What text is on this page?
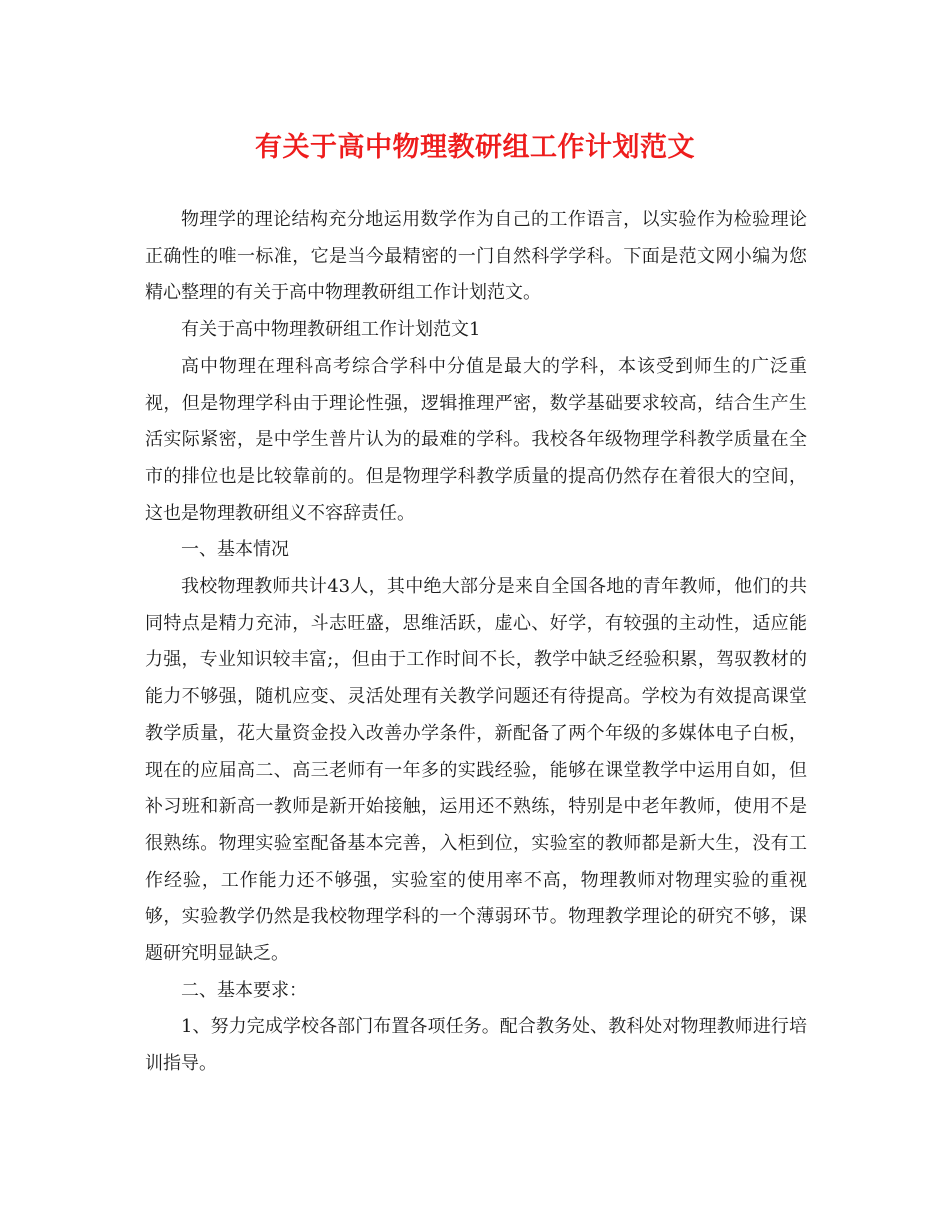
有关于高中物理教研组工作计划范文

物理学的理论结构充分地运用数学作为自己的工作语言，以实验作为检验理论正确性的唯一标准，它是当今最精密的一门自然科学学科。下面是范文网小编为您精心整理的有关于高中物理教研组工作计划范文。

有关于高中物理教研组工作计划范文1

高中物理在理科高考综合学科中分值是最大的学科，本该受到师生的广泛重视，但是物理学科由于理论性强，逻辑推理严密，数学基础要求较高，结合生产生活实际紧密，是中学生普片认为的最难的学科。我校各年级物理学科教学质量在全市的排位也是比较靠前的。但是物理学科教学质量的提高仍然存在着很大的空间，这也是物理教研组义不容辞责任。

一、基本情况

我校物理教师共计43人，其中绝大部分是来自全国各地的青年教师，他们的共同特点是精力充沛，斗志旺盛，思维活跃，虚心、好学，有较强的主动性，适应能力强，专业知识较丰富;，但由于工作时间不长，教学中缺乏经验积累，驾驭教材的能力不够强，随机应变、灵活处理有关教学问题还有待提高。学校为有效提高课堂教学质量，花大量资金投入改善办学条件，新配备了两个年级的多媒体电子白板，现在的应届高二、高三老师有一年多的实践经验，能够在课堂教学中运用自如，但补习班和新高一教师是新开始接触，运用还不熟练，特别是中老年教师，使用不是很熟练。物理实验室配备基本完善，入柜到位，实验室的教师都是新大生，没有工作经验，工作能力还不够强，实验室的使用率不高，物理教师对物理实验的重视够，实验教学仍然是我校物理学科的一个薄弱环节。物理教学理论的研究不够，课题研究明显缺乏。

二、基本要求：

1、努力完成学校各部门布置各项任务。配合教务处、教科处对物理教师进行培训指导。
